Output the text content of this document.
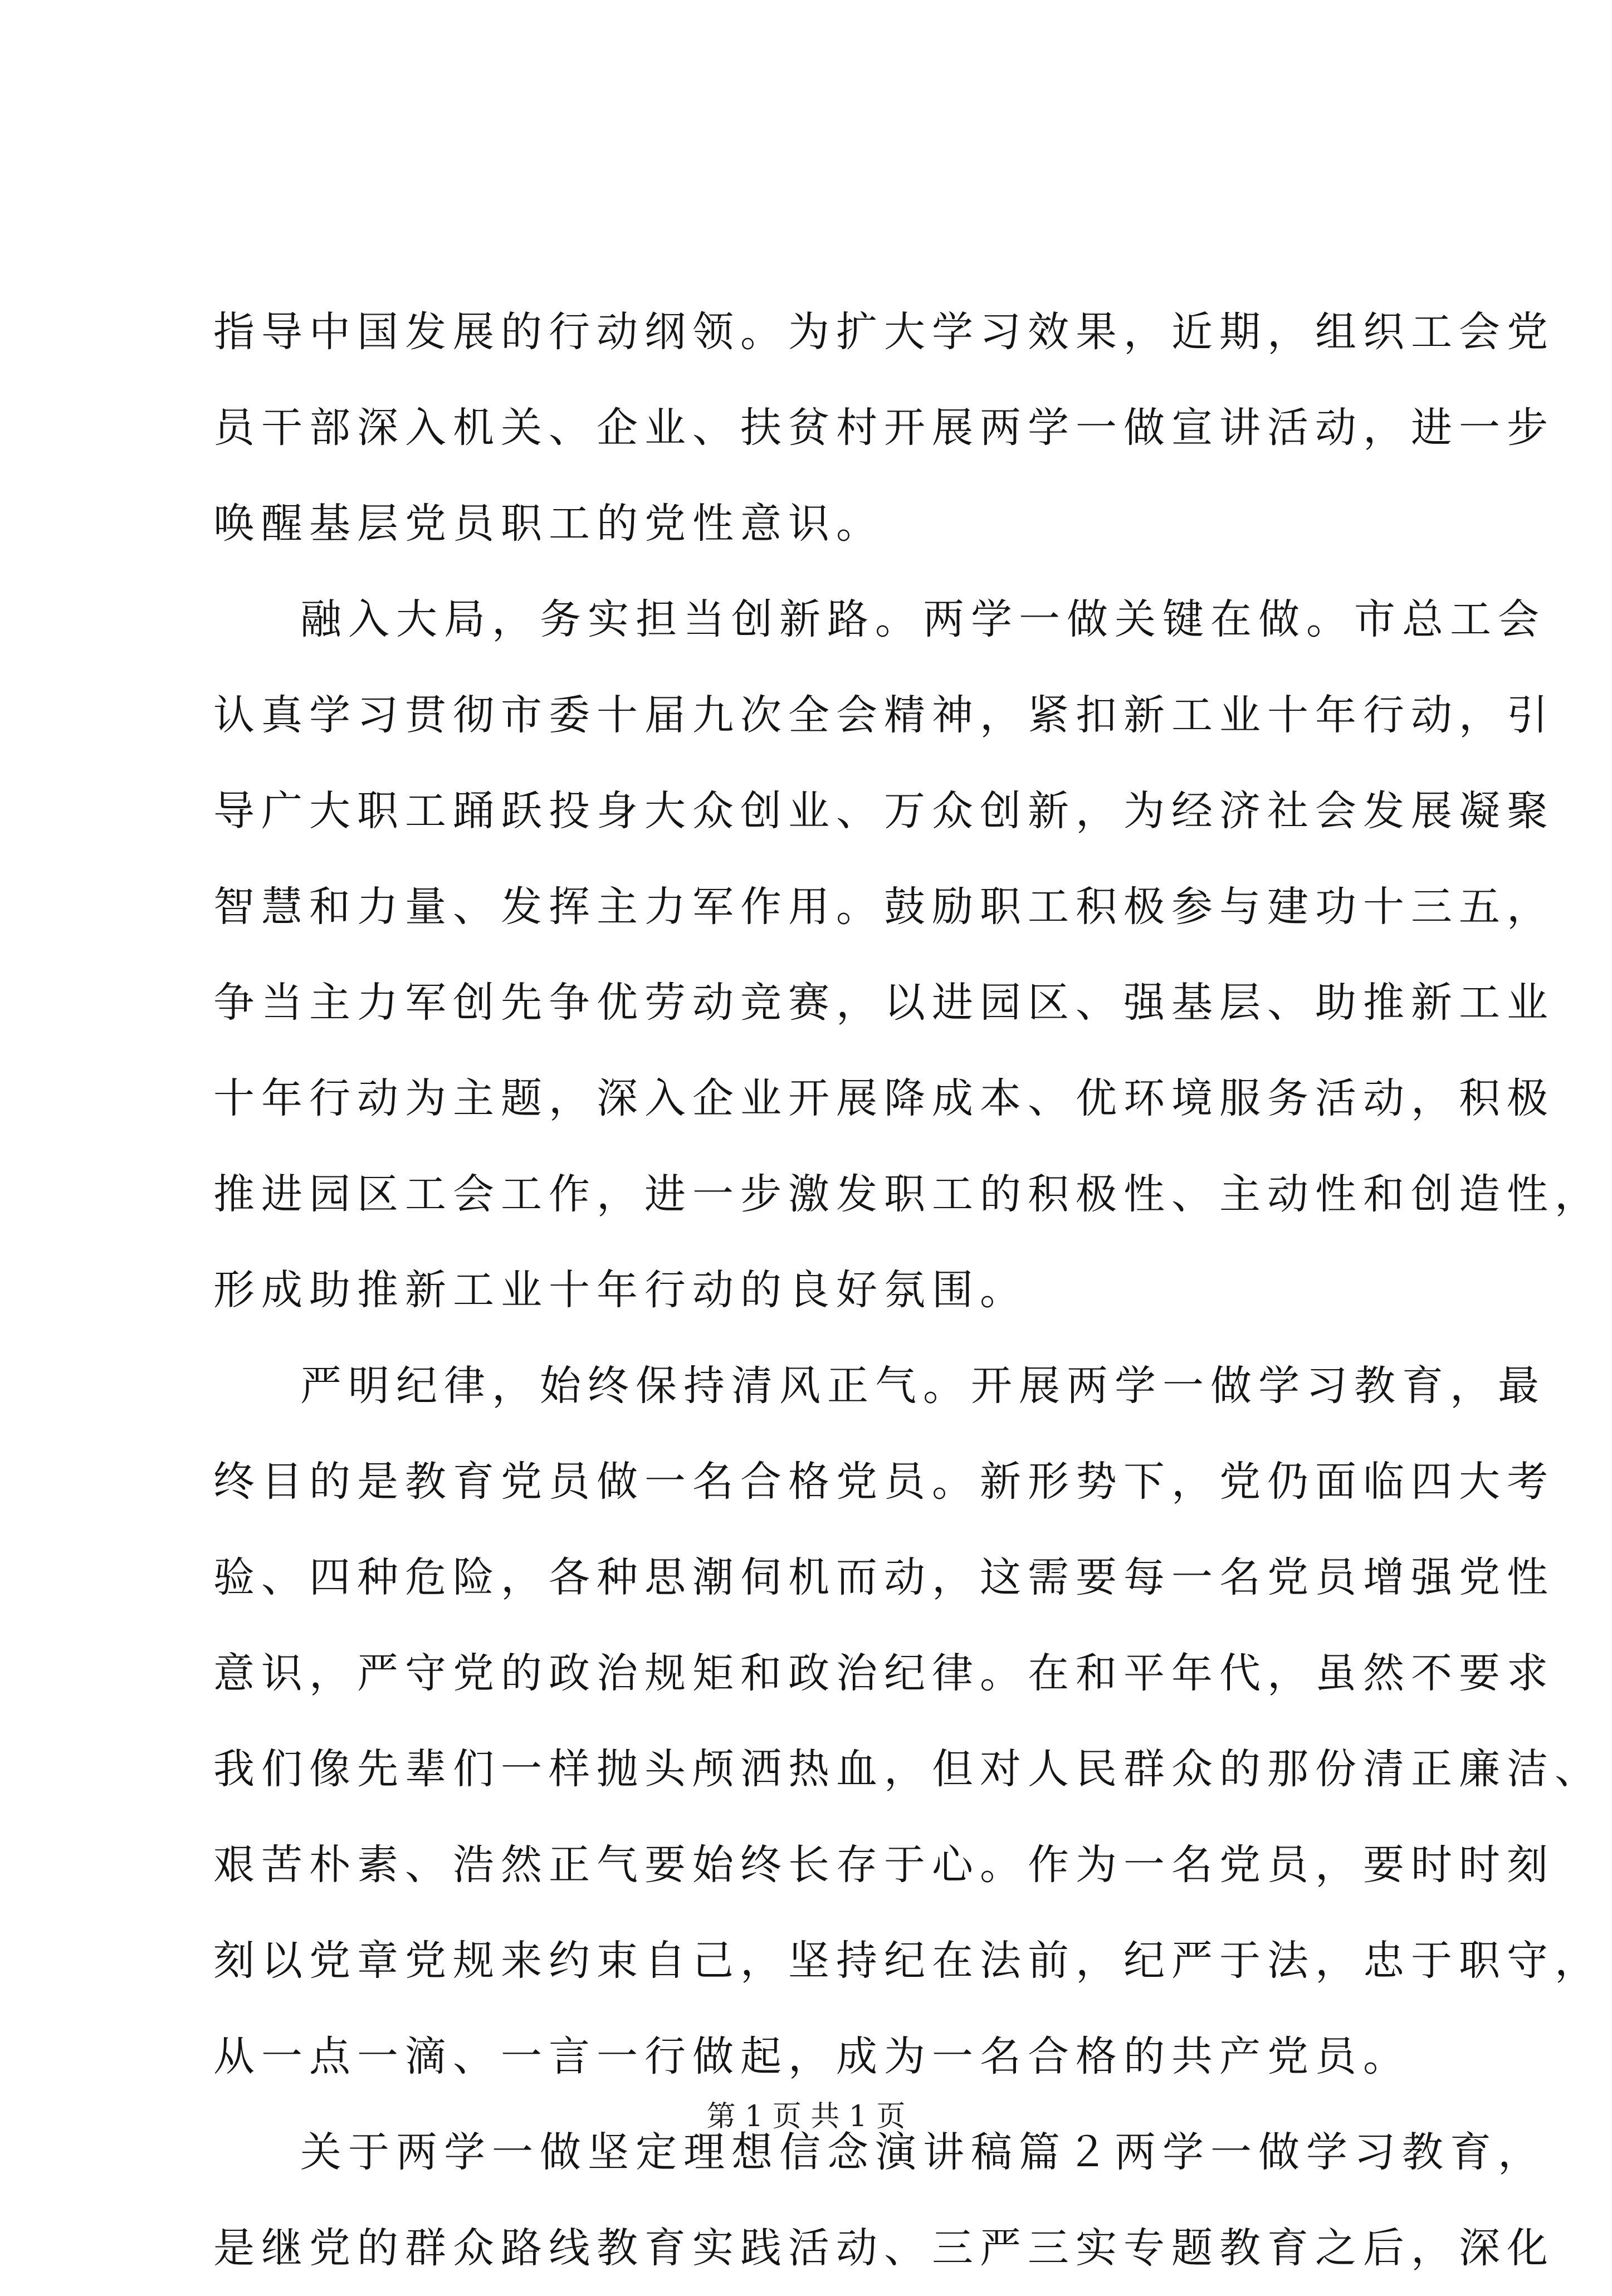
指导中国发展的行动纲领。为扩大学习效果，近期，组织工会党
员干部深入机关、企业、扶贫村开展两学一做宣讲活动，进一步
唤醒基层党员职工的党性意识。
融入大局，务实担当创新路。两学一做关键在做。市总工会
认真学习贯彻市委十届九次全会精神，紧扣新工业十年行动，引
导广大职工踊跃投身大众创业、万众创新，为经济社会发展凝聚
智慧和力量、发挥主力军作用。鼓励职工积极参与建功十三五，
争当主力军创先争优劳动竞赛，以进园区、强基层、助推新工业
十年行动为主题，深入企业开展降成本、优环境服务活动，积极
推进园区工会工作，进一步激发职工的积极性、主动性和创造性，
形成助推新工业十年行动的良好氛围。
严明纪律，始终保持清风正气。开展两学一做学习教育，最
终目的是教育党员做一名合格党员。新形势下，党仍面临四大考
验、四种危险，各种思潮伺机而动，这需要每一名党员增强党性
意识，严守党的政治规矩和政治纪律。在和平年代，虽然不要求
我们像先辈们一样抛头颅洒热血，但对人民群众的那份清正廉洁、
艰苦朴素、浩然正气要始终长存于心。作为一名党员，要时时刻
刻以党章党规来约束自己，坚持纪在法前，纪严于法，忠于职守，
从一点一滴、一言一行做起，成为一名合格的共产党员。
关于两学一做坚定理想信念演讲稿篇２两学一做学习教育，
是继党的群众路线教育实践活动、三严三实专题教育之后，深化
第 1 页 共 1 页
